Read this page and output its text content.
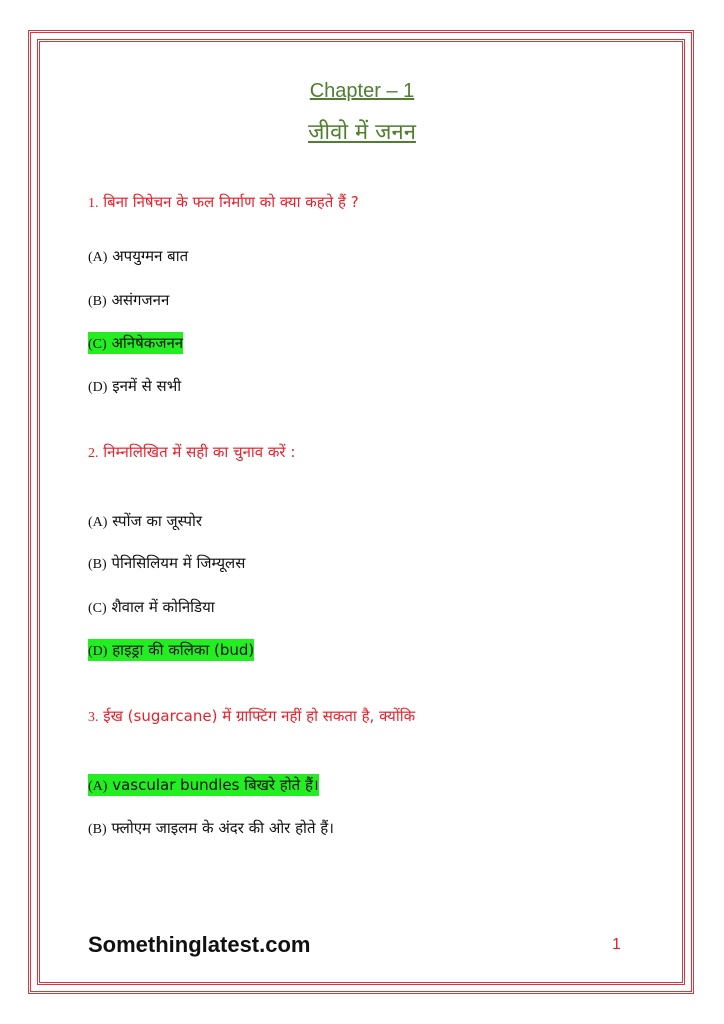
Chapter – 1
जीवो में जनन
1. बिना निषेचन के फल निर्माण को क्या कहते हैं ?
(A) अपयुग्मन बात
(B) असंगजनन
(C) अनिषेकजनन
(D) इनमें से सभी
2. निम्नलिखित में सही का चुनाव करें :
(A) स्पोंज का जूस्पोर
(B) पेनिसिलियम में जिम्यूलस
(C) शैवाल में कोनिडिया
(D) हाइड्रा की कलिका (bud)
3. ईख (sugarcane) में ग्राफ्टिंग नहीं हो सकता है, क्योंकि
(A) vascular bundles बिखरे होते हैं।
(B) फ्लोएम जाइलम के अंदर की ओर होते हैं।
Somethinglatest.com	1
